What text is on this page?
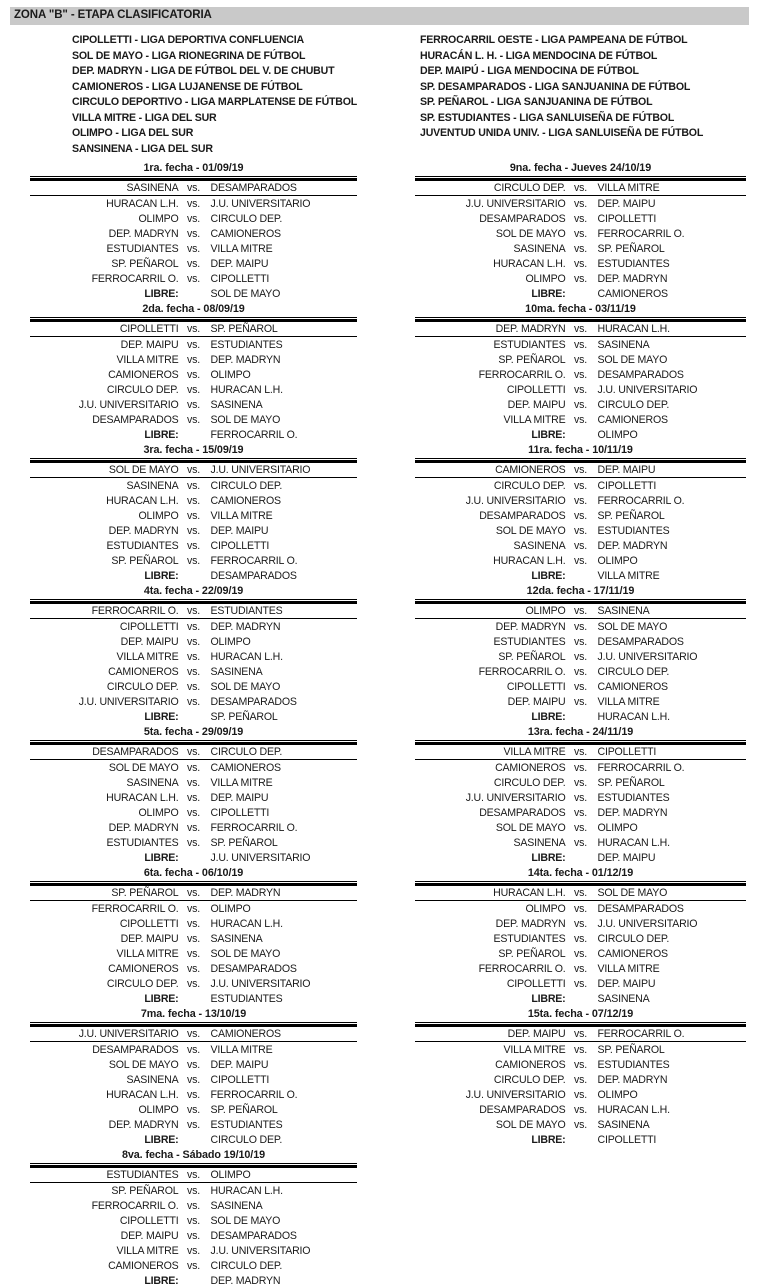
ZONA "B" - ETAPA CLASIFICATORIA
CIPOLLETTI - LIGA DEPORTIVA CONFLUENCIA
SOL DE MAYO - LIGA RIONEGRINA DE FÚTBOL
DEP. MADRYN - LIGA DE FÚTBOL DEL V. DE CHUBUT
CAMIONEROS - LIGA LUJANENSE DE FÚTBOL
CIRCULO DEPORTIVO - LIGA MARPLATENSE DE FÚTBOL
VILLA MITRE - LIGA DEL SUR
OLIMPO - LIGA DEL SUR
SANSINENA - LIGA DEL SUR
FERROCARRIL OESTE - LIGA PAMPEANA DE FÚTBOL
HURACÁN L. H. - LIGA MENDOCINA DE FÚTBOL
DEP. MAIPÚ - LIGA MENDOCINA DE FÚTBOL
SP. DESAMPARADOS - LIGA SANJUANINA DE FÚTBOL
SP. PEÑAROL - LIGA SANJUANINA DE FÚTBOL
SP. ESTUDIANTES - LIGA SANLUISEÑA DE FÚTBOL
JUVENTUD UNIDA UNIV. - LIGA SANLUISEÑA DE FÚTBOL
1ra. fecha - 01/09/19
SASINENA vs. DESAMPARADOS
HURACAN L.H. vs. J.U. UNIVERSITARIO
OLIMPO vs. CIRCULO DEP.
DEP. MADRYN vs. CAMIONEROS
ESTUDIANTES vs. VILLA MITRE
SP. PEÑAROL vs. DEP. MAIPU
FERROCARRIL O. vs. CIPOLLETTI
LIBRE:	SOL DE MAYO
2da. fecha - 08/09/19
CIPOLLETTI vs. SP. PEÑAROL
DEP. MAIPU vs. ESTUDIANTES
VILLA MITRE vs. DEP. MADRYN
CAMIONEROS vs. OLIMPO
CIRCULO DEP. vs. HURACAN L.H.
J.U. UNIVERSITARIO vs. SASINENA
DESAMPARADOS vs. SOL DE MAYO
LIBRE:	FERROCARRIL O.
3ra. fecha - 15/09/19
SOL DE MAYO vs. J.U. UNIVERSITARIO
SASINENA vs. CIRCULO DEP.
HURACAN L.H. vs. CAMIONEROS
OLIMPO vs. VILLA MITRE
DEP. MADRYN vs. DEP. MAIPU
ESTUDIANTES vs. CIPOLLETTI
SP. PEÑAROL vs. FERROCARRIL O.
LIBRE:	DESAMPARADOS
4ta. fecha - 22/09/19
FERROCARRIL O. vs. ESTUDIANTES
CIPOLLETTI vs. DEP. MADRYN
DEP. MAIPU vs. OLIMPO
VILLA MITRE vs. HURACAN L.H.
CAMIONEROS vs. SASINENA
CIRCULO DEP. vs. SOL DE MAYO
J.U. UNIVERSITARIO vs. DESAMPARADOS
LIBRE:	SP. PEÑAROL
5ta. fecha - 29/09/19
DESAMPARADOS vs. CIRCULO DEP.
SOL DE MAYO vs. CAMIONEROS
SASINENA vs. VILLA MITRE
HURACAN L.H. vs. DEP. MAIPU
OLIMPO vs. CIPOLLETTI
DEP. MADRYN vs. FERROCARRIL O.
ESTUDIANTES vs. SP. PEÑAROL
LIBRE:	J.U. UNIVERSITARIO
6ta. fecha - 06/10/19
SP. PEÑAROL vs. DEP. MADRYN
FERROCARRIL O. vs. OLIMPO
CIPOLLETTI vs. HURACAN L.H.
DEP. MAIPU vs. SASINENA
VILLA MITRE vs. SOL DE MAYO
CAMIONEROS vs. DESAMPARADOS
CIRCULO DEP. vs. J.U. UNIVERSITARIO
LIBRE:	ESTUDIANTES
7ma. fecha - 13/10/19
J.U. UNIVERSITARIO vs. CAMIONEROS
DESAMPARADOS vs. VILLA MITRE
SOL DE MAYO vs. DEP. MAIPU
SASINENA vs. CIPOLLETTI
HURACAN L.H. vs. FERROCARRIL O.
OLIMPO vs. SP. PEÑAROL
DEP. MADRYN vs. ESTUDIANTES
LIBRE:	CIRCULO DEP.
8va. fecha - Sábado 19/10/19
ESTUDIANTES vs. OLIMPO
SP. PEÑAROL vs. HURACAN L.H.
FERROCARRIL O. vs. SASINENA
CIPOLLETTI vs. SOL DE MAYO
DEP. MAIPU vs. DESAMPARADOS
VILLA MITRE vs. J.U. UNIVERSITARIO
CAMIONEROS vs. CIRCULO DEP.
LIBRE:	DEP. MADRYN
9na. fecha - Jueves 24/10/19
CIRCULO DEP. vs. VILLA MITRE
J.U. UNIVERSITARIO vs. DEP. MAIPU
DESAMPARADOS vs. CIPOLLETTI
SOL DE MAYO vs. FERROCARRIL O.
SASINENA vs. SP. PEÑAROL
HURACAN L.H. vs. ESTUDIANTES
OLIMPO vs. DEP. MADRYN
LIBRE:	CAMIONEROS
10ma. fecha - 03/11/19
DEP. MADRYN vs. HURACAN L.H.
ESTUDIANTES vs. SASINENA
SP. PEÑAROL vs. SOL DE MAYO
FERROCARRIL O. vs. DESAMPARADOS
CIPOLLETTI vs. J.U. UNIVERSITARIO
DEP. MAIPU vs. CIRCULO DEP.
VILLA MITRE vs. CAMIONEROS
LIBRE:	OLIMPO
11ra. fecha - 10/11/19
CAMIONEROS vs. DEP. MAIPU
CIRCULO DEP. vs. CIPOLLETTI
J.U. UNIVERSITARIO vs. FERROCARRIL O.
DESAMPARADOS vs. SP. PEÑAROL
SOL DE MAYO vs. ESTUDIANTES
SASINENA vs. DEP. MADRYN
HURACAN L.H. vs. OLIMPO
LIBRE:	VILLA MITRE
12da. fecha - 17/11/19
OLIMPO vs. SASINENA
DEP. MADRYN vs. SOL DE MAYO
ESTUDIANTES vs. DESAMPARADOS
SP. PEÑAROL vs. J.U. UNIVERSITARIO
FERROCARRIL O. vs. CIRCULO DEP.
CIPOLLETTI vs. CAMIONEROS
DEP. MAIPU vs. VILLA MITRE
LIBRE:	HURACAN L.H.
13ra. fecha - 24/11/19
VILLA MITRE vs. CIPOLLETTI
CAMIONEROS vs. FERROCARRIL O.
CIRCULO DEP. vs. SP. PEÑAROL
J.U. UNIVERSITARIO vs. ESTUDIANTES
DESAMPARADOS vs. DEP. MADRYN
SOL DE MAYO vs. OLIMPO
SASINENA vs. HURACAN L.H.
LIBRE:	DEP. MAIPU
14ta. fecha - 01/12/19
HURACAN L.H. vs. SOL DE MAYO
OLIMPO vs. DESAMPARADOS
DEP. MADRYN vs. J.U. UNIVERSITARIO
ESTUDIANTES vs. CIRCULO DEP.
SP. PEÑAROL vs. CAMIONEROS
FERROCARRIL O. vs. VILLA MITRE
CIPOLLETTI vs. DEP. MAIPU
LIBRE:	SASINENA
15ta. fecha - 07/12/19
DEP. MAIPU vs. FERROCARRIL O.
VILLA MITRE vs. SP. PEÑAROL
CAMIONEROS vs. ESTUDIANTES
CIRCULO DEP. vs. DEP. MADRYN
J.U. UNIVERSITARIO vs. OLIMPO
DESAMPARADOS vs. HURACAN L.H.
SOL DE MAYO vs. SASINENA
LIBRE:	CIPOLLETTI
